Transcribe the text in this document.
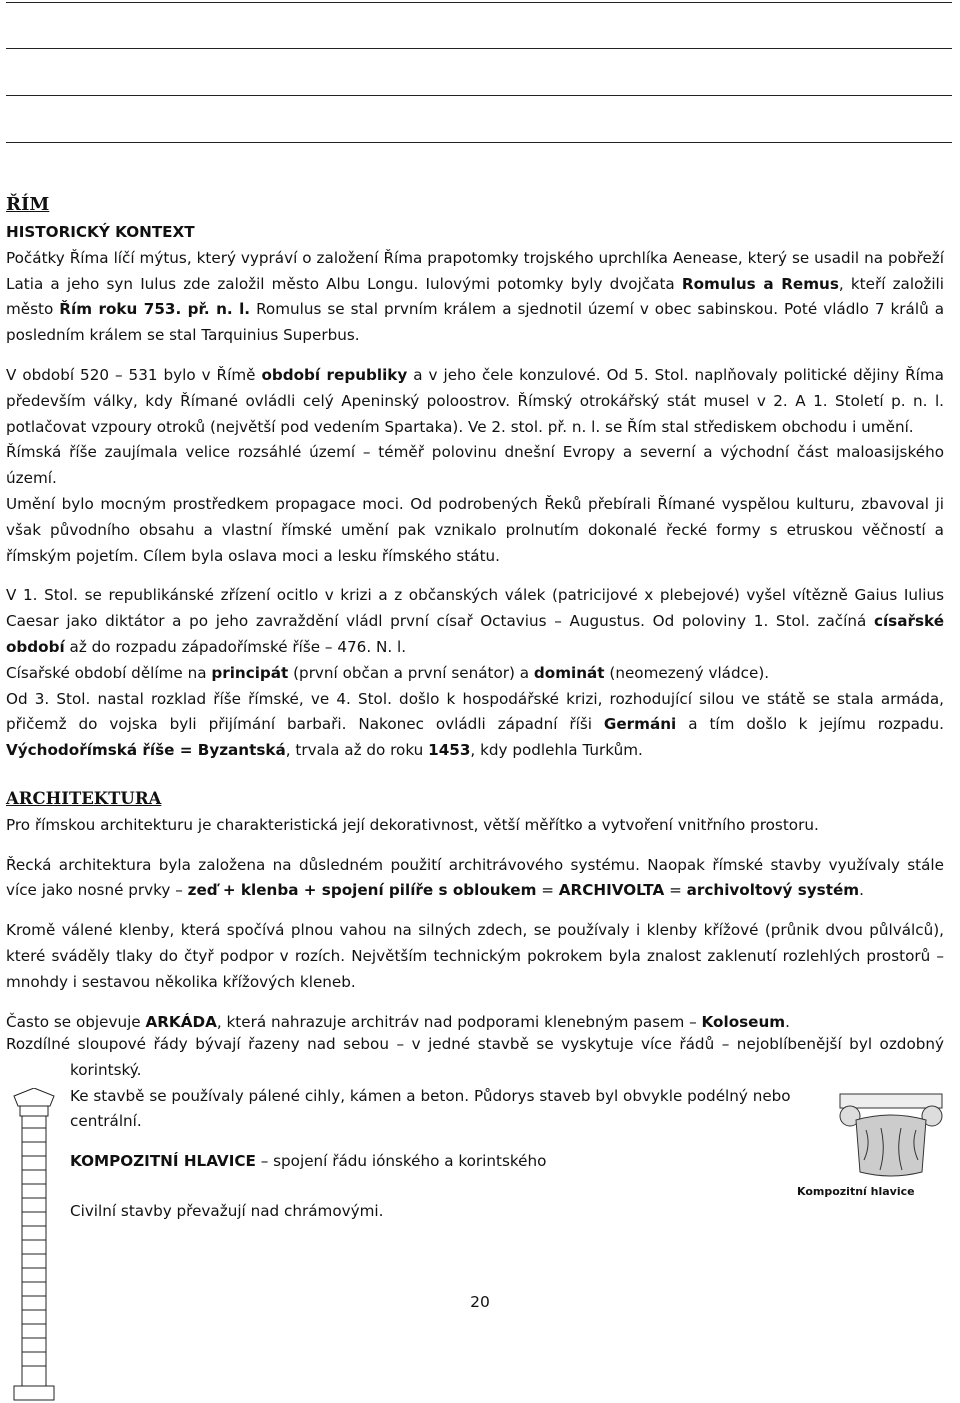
ŘÍM

HISTORICKÝ KONTEXT

Počátky Říma líčí mýtus, který vypráví o založení Říma prapotomky trojského uprchlíka Aenease, který se usadil na pobřeží Latia a jeho syn Iulus zde založil město Albu Longu. Iulovými potomky byly dvojčata Romulus a Remus, kteří založili město Řím roku 753. př. n. l. Romulus se stal prvním králem a sjednotil území v obec sabinskou. Poté vládlo 7 králů a posledním králem se stal Tarquinius Superbus.

V období 520 – 531 bylo v Římě období republiky a v jeho čele konzulové. Od 5. Stol. naplňovaly politické dějiny Říma především války, kdy Římané ovládli celý Apeninský poloostrov. Římský otrokářský stát musel v 2. A 1. Století p. n. l. potlačovat vzpoury otroků (největší pod vedením Spartaka). Ve 2. stol. př. n. l. se Řím stal střediskem obchodu i umění.

Římská říše zaujímala velice rozsáhlé území – téměř polovinu dnešní Evropy a severní a východní část maloasijského území.

Umění bylo mocným prostředkem propagace moci. Od podrobených Řeků přebírali Římané vyspělou kulturu, zbavoval ji však původního obsahu a vlastní římské umění pak vznikalo prolnutím dokonalé řecké formy s etruskou věčností a římským pojetím. Cílem byla oslava moci a lesku římského státu.

V 1. Stol. se republikánské zřízení ocitlo v krizi a z občanských válek (patricijové x plebejové) vyšel vítězně Gaius Iulius Caesar jako diktátor a po jeho zavraždění vládl první císař Octavius – Augustus. Od poloviny 1. Stol. začíná císařské období až do rozpadu západořímské říše – 476. N. l.

Císařské období dělíme na principát (první občan a první senátor) a dominát (neomezený vládce).

Od 3. Stol. nastal rozklad říše římské, ve 4. Stol. došlo k hospodářské krizi, rozhodující silou ve státě se stala armáda, přičemž do vojska byli přijímání barbaři. Nakonec ovládli západní říši Germáni a tím došlo k jejímu rozpadu. Východořímská říše = Byzantská, trvala až do roku 1453, kdy podlehla Turkům.

ARCHITEKTURA

Pro římskou architekturu je charakteristická její dekorativnost, větší měřítko a vytvoření vnitřního prostoru.

Řecká architektura byla založena na důsledném použití architrávového systému. Naopak římské stavby využívaly stále více jako nosné prvky – zeď + klenba + spojení pilíře s obloukem = ARCHIVOLTA = archivoltový systém.

Kromě válené klenby, která spočívá plnou vahou na silných zdech, se používaly i klenby křížové (průnik dvou půlválců), které sváděly tlaky do čtyř podpor v rozích. Největším technickým pokrokem byla znalost zaklenutí rozlehlých prostorů – mnohdy i sestavou několika křížových kleneb.

Často se objevuje ARKÁDA, která nahrazuje architráv nad podporami klenebným pasem – Koloseum.

Rozdílné sloupové řády bývají řazeny nad sebou – v jedné stavbě se vyskytuje více řádů – nejoblíbenější byl ozdobný korintský.

Ke stavbě se používaly pálené cihly, kámen a beton. Půdorys staveb byl obvykle podélný nebo centrální.

KOMPOZITNÍ HLAVICE – spojení řádu iónského a korintského

Civilní stavby převažují nad chrámovými.

Kompozitní hlavice
20
